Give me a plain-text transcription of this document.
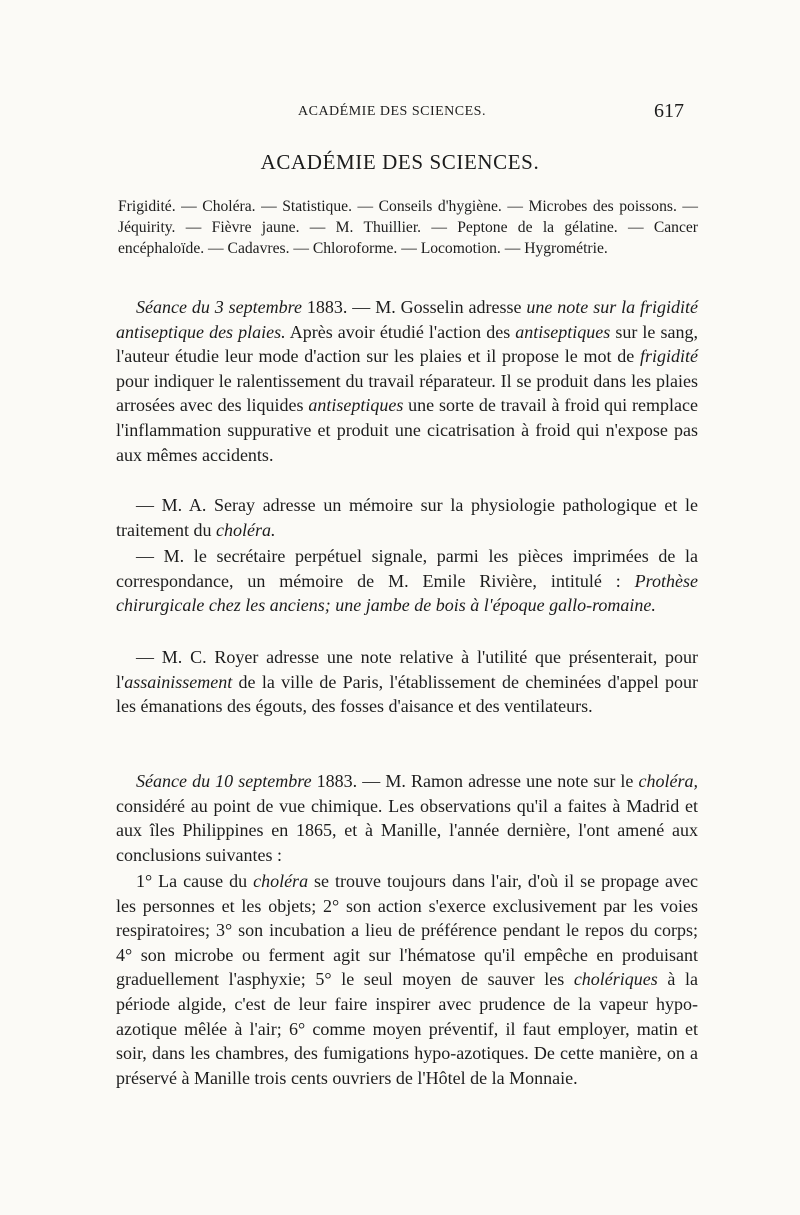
ACADÉMIE DES SCIENCES.	617
ACADÉMIE DES SCIENCES.
Frigidité. — Choléra. — Statistique. — Conseils d'hygiène. — Microbes des poissons. — Jéquirity. — Fièvre jaune. — M. Thuillier. — Peptone de la gélatine. — Cancer encéphaloïde. — Cadavres. — Chloroforme. — Locomotion. — Hygrométrie.

Séance du 3 septembre 1883. — M. Gosselin adresse une note sur la frigidité antiseptique des plaies. Après avoir étudié l'action des antiseptiques sur le sang, l'auteur étudie leur mode d'action sur les plaies et il propose le mot de frigidité pour indiquer le ralentissement du travail réparateur. Il se produit dans les plaies arrosées avec des liquides antiseptiques une sorte de travail à froid qui remplace l'inflammation suppurative et produit une cicatrisation à froid qui n'expose pas aux mêmes accidents.

— M. A. Seray adresse un mémoire sur la physiologie pathologique et le traitement du choléra.

— M. le secrétaire perpétuel signale, parmi les pièces imprimées de la correspondance, un mémoire de M. Emile Rivière, intitulé : Prothèse chirurgicale chez les anciens; une jambe de bois à l'époque gallo-romaine.

— M. C. Royer adresse une note relative à l'utilité que présenterait, pour l'assainissement de la ville de Paris, l'établissement de cheminées d'appel pour les émanations des égouts, des fosses d'aisance et des ventilateurs.

Séance du 10 septembre 1883. — M. Ramon adresse une note sur le choléra, considéré au point de vue chimique. Les observations qu'il a faites à Madrid et aux îles Philippines en 1865, et à Manille, l'année dernière, l'ont amené aux conclusions suivantes :

1° La cause du choléra se trouve toujours dans l'air, d'où il se propage avec les personnes et les objets; 2° son action s'exerce exclusivement par les voies respiratoires; 3° son incubation a lieu de préférence pendant le repos du corps; 4° son microbe ou ferment agit sur l'hématose qu'il empêche en produisant graduellement l'asphyxie; 5° le seul moyen de sauver les cholériques à la période algide, c'est de leur faire inspirer avec prudence de la vapeur hypo-azotique mêlée à l'air; 6° comme moyen préventif, il faut employer, matin et soir, dans les chambres, des fumigations hypo-azotiques. De cette manière, on a préservé à Manille trois cents ouvriers de l'Hôtel de la Monnaie.
